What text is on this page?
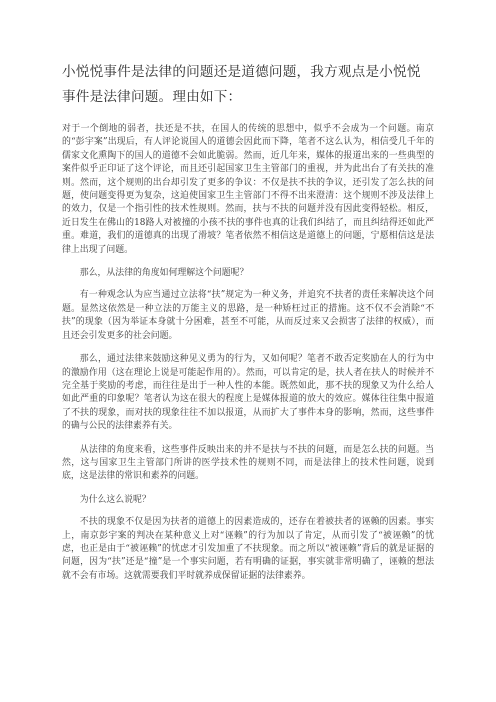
小悦悦事件是法律的问题还是道德问题，我方观点是小悦悦事件是法律问题。理由如下：

对于一个倒地的弱者，扶还是不扶，在国人的传统的思想中，似乎不会成为一个问题。南京的“彭宇案”出现后，有人评论说国人的道德会因此而下降，笔者不这么认为，相信受几千年的儒家文化熏陶下的国人的道德不会如此脆弱。然而，近几年来，媒体的报道出来的一些典型的案件似乎正印证了这个评论，而且还引起国家卫生主管部门的重视，并为此出台了有关扶的准则。然而，这个规则的出台却引发了更多的争议：不仅是扶不扶的争议，还引发了怎么扶的问题，使问题变得更为复杂，这迫使国家卫生主管部门不得不出来澄清：这个规则不涉及法律上的效力，仅是一个指引性的技术性规则。然而，扶与不扶的问题并没有因此变得轻松。相反，近日发生在佛山的18路人对被撞的小孩不扶的事件也真的让我们纠结了，而且纠结得还如此严重。难道，我们的道德真的出现了滑坡？笔者依然不相信这是道德上的问题，宁愿相信这是法律上出现了问题。

那么，从法律的角度如何理解这个问题呢？

有一种观念认为应当通过立法将“扶”规定为一种义务，并追究不扶者的责任来解决这个问题。显然这依然是一种立法的万能主义的思路，是一种矫枉过正的措施。这不仅不会消除“不扶”的现象（因为举证本身就十分困难，甚至不可能，从而反过来又会损害了法律的权威），而且还会引发更多的社会问题。

那么，通过法律来鼓励这种见义勇为的行为，又如何呢？笔者不敢否定奖励在人的行为中的激励作用（这在理论上说是可能起作用的）。然而，可以肯定的是，扶人者在扶人的时候并不完全基于奖励的考虑，而往往是出于一种人性的本能。既然如此，那不扶的现象又为什么给人如此严重的印象呢？笔者认为这在很大的程度上是媒体报道的放大的效应。媒体往往集中报道了不扶的现象，而对扶的现象往往不加以报道，从而扩大了事件本身的影响，然而，这些事件的确与公民的法律素养有关。

从法律的角度来看，这些事件反映出来的并不是扶与不扶的问题，而是怎么扶的问题。当然，这与国家卫生主管部门所讲的医学技术性的规则不同，而是法律上的技术性问题，说到底，这是法律的常识和素养的问题。

为什么这么说呢？

不扶的现象不仅是因为扶者的道德上的因素造成的，还存在着被扶者的诬赖的因素。事实上，南京彭宇案的判决在某种意义上对“诬赖”的行为加以了肯定，从而引发了“被诬赖”的忧虑，也正是由于“被诬赖”的忧虑才引发加重了不扶现象。而之所以“被诬赖”背后的就是证据的问题，因为“扶”还是“撞”是一个事实问题，若有明确的证据，事实就非常明确了，诬赖的想法就不会有市场。这就需要我们平时就养成保留证据的法律素养。
